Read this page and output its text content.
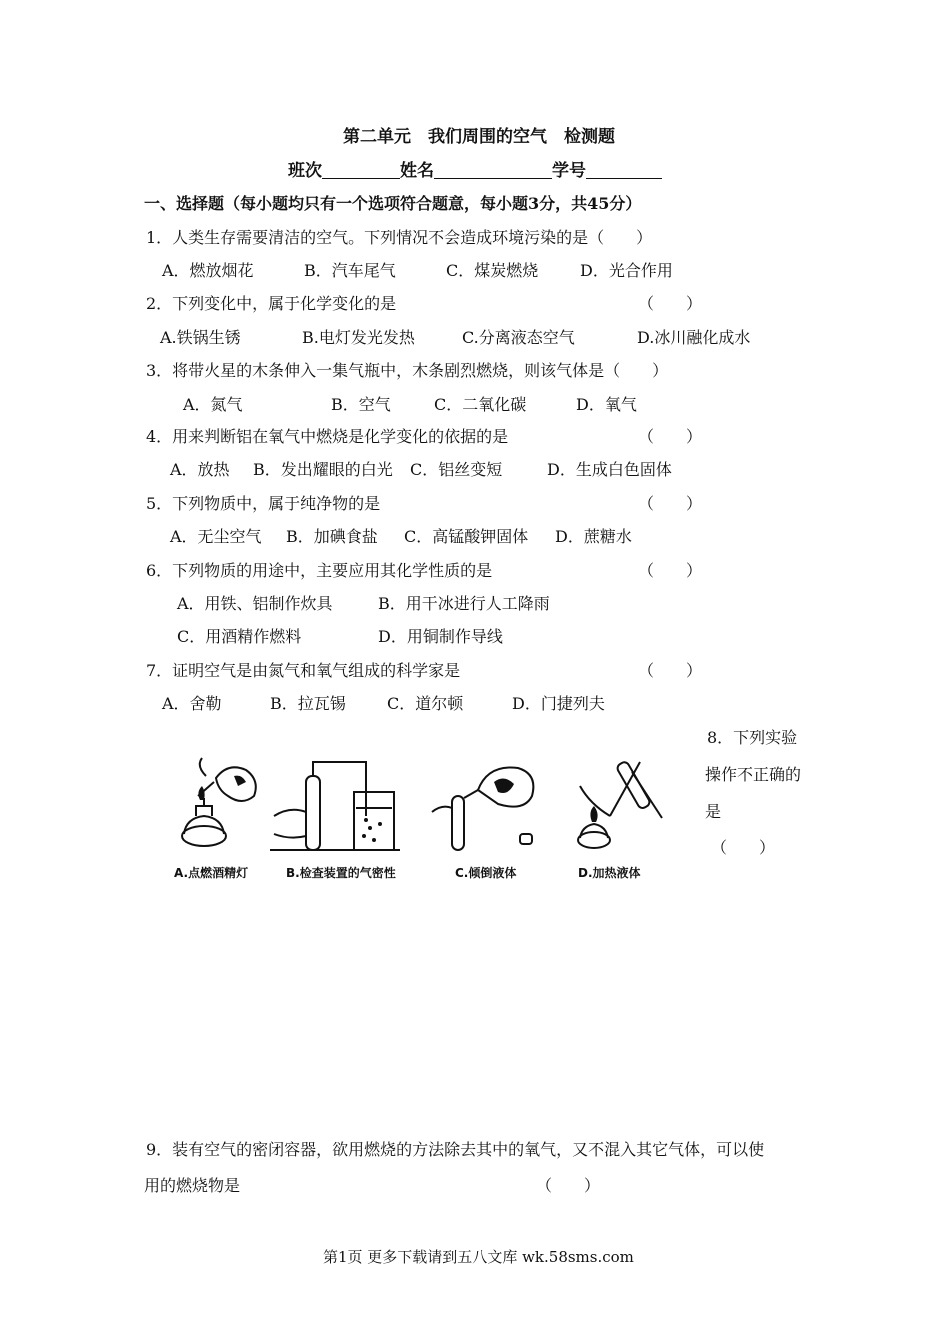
第二单元　我们周围的空气　检测题
班次	姓名	学号
一、选择题（每小题均只有一个选项符合题意，每小题3分，共45分）
1．人类生存需要清洁的空气。下列情况不会造成环境污染的是（　　）
A．燃放烟花	B．汽车尾气	C．煤炭燃烧	D．光合作用
2．下列变化中，属于化学变化的是	（　　）
A.铁锅生锈	B.电灯发光发热	C.分离液态空气	D.冰川融化成水
3．将带火星的木条伸入一集气瓶中，木条剧烈燃烧，则该气体是（　　）
A．氮气	B．空气	C．二氧化碳	D．氧气
4．用来判断铝在氧气中燃烧是化学变化的依据的是	（　　）
A．放热 B．发出耀眼的白光 C．铝丝变短	D．生成白色固体
5．下列物质中，属于纯净物的是	（　　）
A．无尘空气 B．加碘食盐 C．高锰酸钾固体 D．蔗糖水
6．下列物质的用途中，主要应用其化学性质的是	（　　）
A．用铁、铝制作炊具	B．用干冰进行人工降雨
C．用酒精作燃料	D．用铜制作导线
7．证明空气是由氮气和氧气组成的科学家是	（　　）
A．舍勒	B．拉瓦锡	C．道尔顿	D．门捷列夫
8．下列实验
操作不正确的
是
（　　）
A.点燃酒精灯	B.检查装置的气密性	C.倾倒液体	D.加热液体
9．装有空气的密闭容器，欲用燃烧的方法除去其中的氧气，又不混入其它气体，可以使
用的燃烧物是	（　　）
第1页 更多下载请到五八文库 wk.58sms.com
